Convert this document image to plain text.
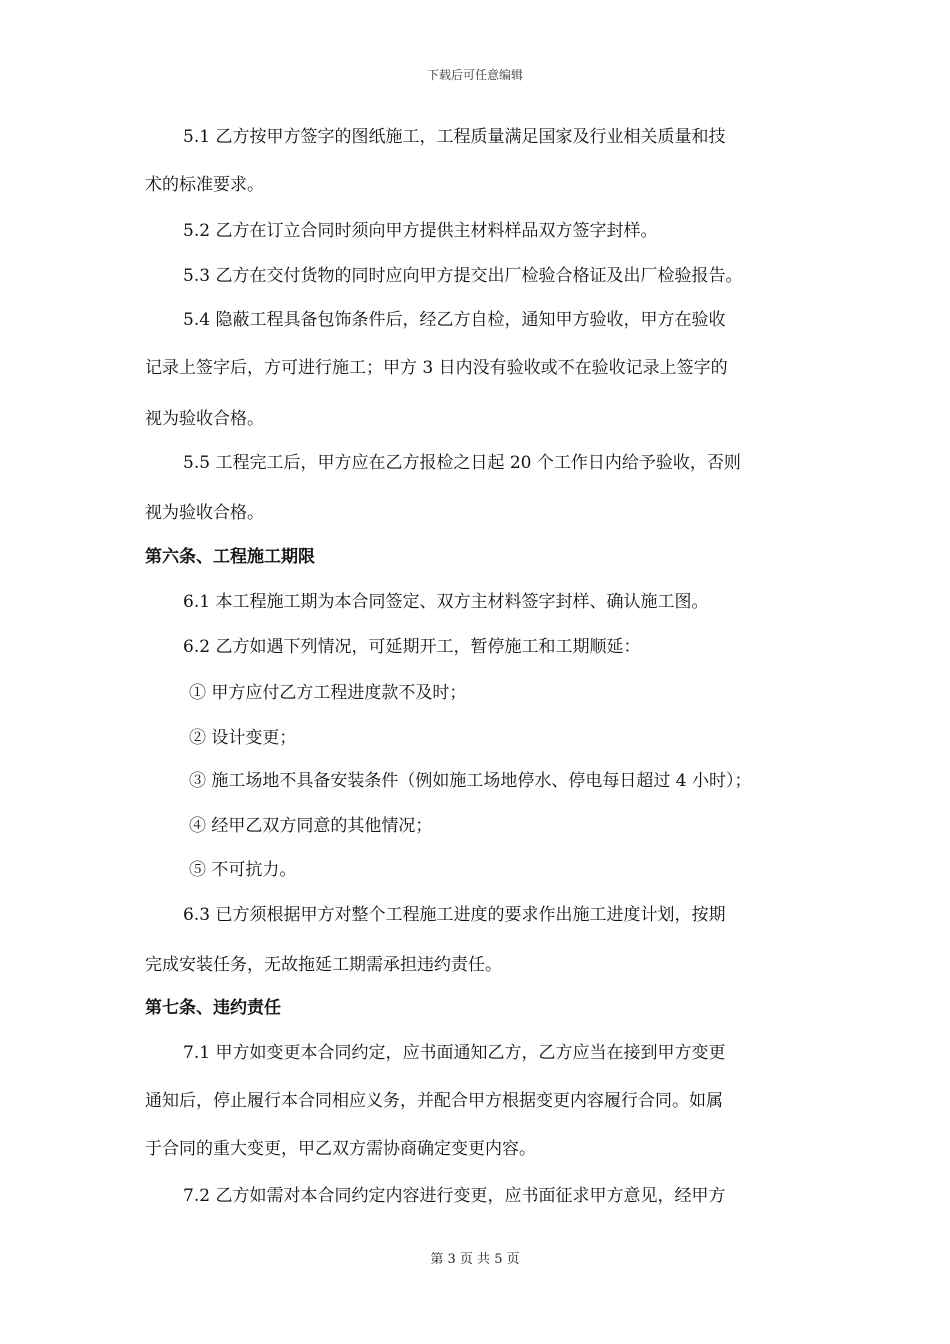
下载后可任意编辑
5.1 乙方按甲方签字的图纸施工，工程质量满足国家及行业相关质量和技
术的标准要求。
5.2 乙方在订立合同时须向甲方提供主材料样品双方签字封样。
5.3 乙方在交付货物的同时应向甲方提交出厂检验合格证及出厂检验报告。
5.4 隐蔽工程具备包饰条件后，经乙方自检，通知甲方验收，甲方在验收
记录上签字后，方可进行施工；甲方 3 日内没有验收或不在验收记录上签字的
视为验收合格。
5.5 工程完工后，甲方应在乙方报检之日起 20 个工作日内给予验收，否则
视为验收合格。
第六条、工程施工期限
6.1 本工程施工期为本合同签定、双方主材料签字封样、确认施工图。
6.2 乙方如遇下列情况，可延期开工，暂停施工和工期顺延：
① 甲方应付乙方工程进度款不及时；
② 设计变更；
③ 施工场地不具备安装条件（例如施工场地停水、停电每日超过 4 小时）；
④ 经甲乙双方同意的其他情况；
⑤ 不可抗力。
6.3 已方须根据甲方对整个工程施工进度的要求作出施工进度计划，按期
完成安装任务，无故拖延工期需承担违约责任。
第七条、违约责任
7.1 甲方如变更本合同约定，应书面通知乙方，乙方应当在接到甲方变更
通知后，停止履行本合同相应义务，并配合甲方根据变更内容履行合同。如属
于合同的重大变更，甲乙双方需协商确定变更内容。
7.2 乙方如需对本合同约定内容进行变更，应书面征求甲方意见，经甲方
第 3 页 共 5 页
